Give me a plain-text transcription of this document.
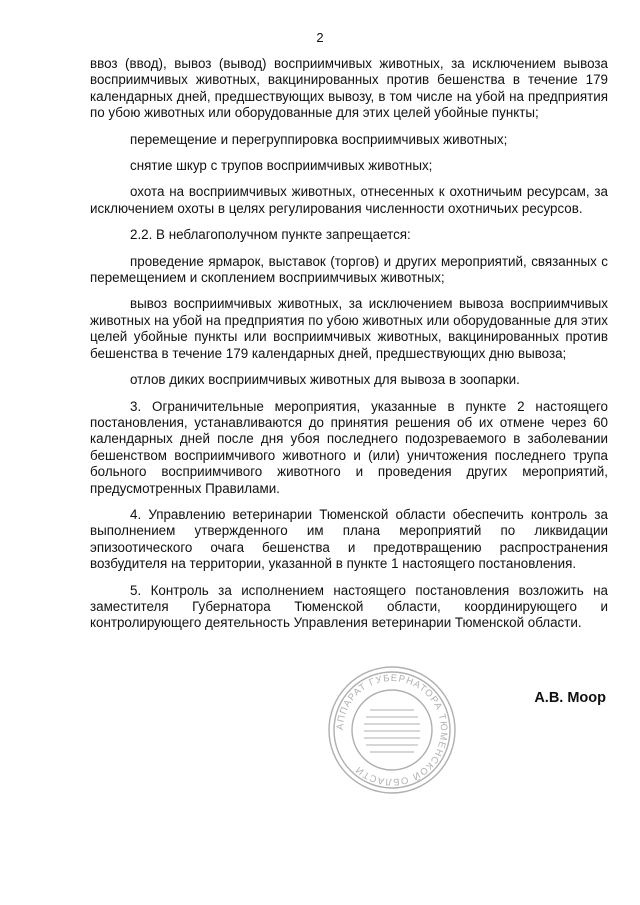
2

ввоз (ввод), вывоз (вывод) восприимчивых животных, за исключением вывоза восприимчивых животных, вакцинированных против бешенства в течение 179 календарных дней, предшествующих вывозу, в том числе на убой на предприятия по убою животных или оборудованные для этих целей убойные пункты;

перемещение и перегруппировка восприимчивых животных;

снятие шкур с трупов восприимчивых животных;

охота на восприимчивых животных, отнесенных к охотничьим ресурсам, за исключением охоты в целях регулирования численности охотничьих ресурсов.

2.2. В неблагополучном пункте запрещается:

проведение ярмарок, выставок (торгов) и других мероприятий, связанных с перемещением и скоплением восприимчивых животных;

вывоз восприимчивых животных, за исключением вывоза восприимчивых животных на убой на предприятия по убою животных или оборудованные для этих целей убойные пункты или восприимчивых животных, вакцинированных против бешенства в течение 179 календарных дней, предшествующих дню вывоза;

отлов диких восприимчивых животных для вывоза в зоопарки.

3. Ограничительные мероприятия, указанные в пункте 2 настоящего постановления, устанавливаются до принятия решения об их отмене через 60 календарных дней после дня убоя последнего подозреваемого в заболевании бешенством восприимчивого животного и (или) уничтожения последнего трупа больного восприимчивого животного и проведения других мероприятий, предусмотренных Правилами.

4. Управлению ветеринарии Тюменской области обеспечить контроль за выполнением утвержденного им плана мероприятий по ликвидации эпизоотического очага бешенства и предотвращению распространения возбудителя на территории, указанной в пункте 1 настоящего постановления.

5. Контроль за исполнением настоящего постановления возложить на заместителя Губернатора Тюменской области, координирующего и контролирующего деятельность Управления ветеринарии Тюменской области.

АППАРАТ ГУБЕРНАТОРА ТЮМЕНСКОЙ ОБЛАСТИ
А.В. Моор
